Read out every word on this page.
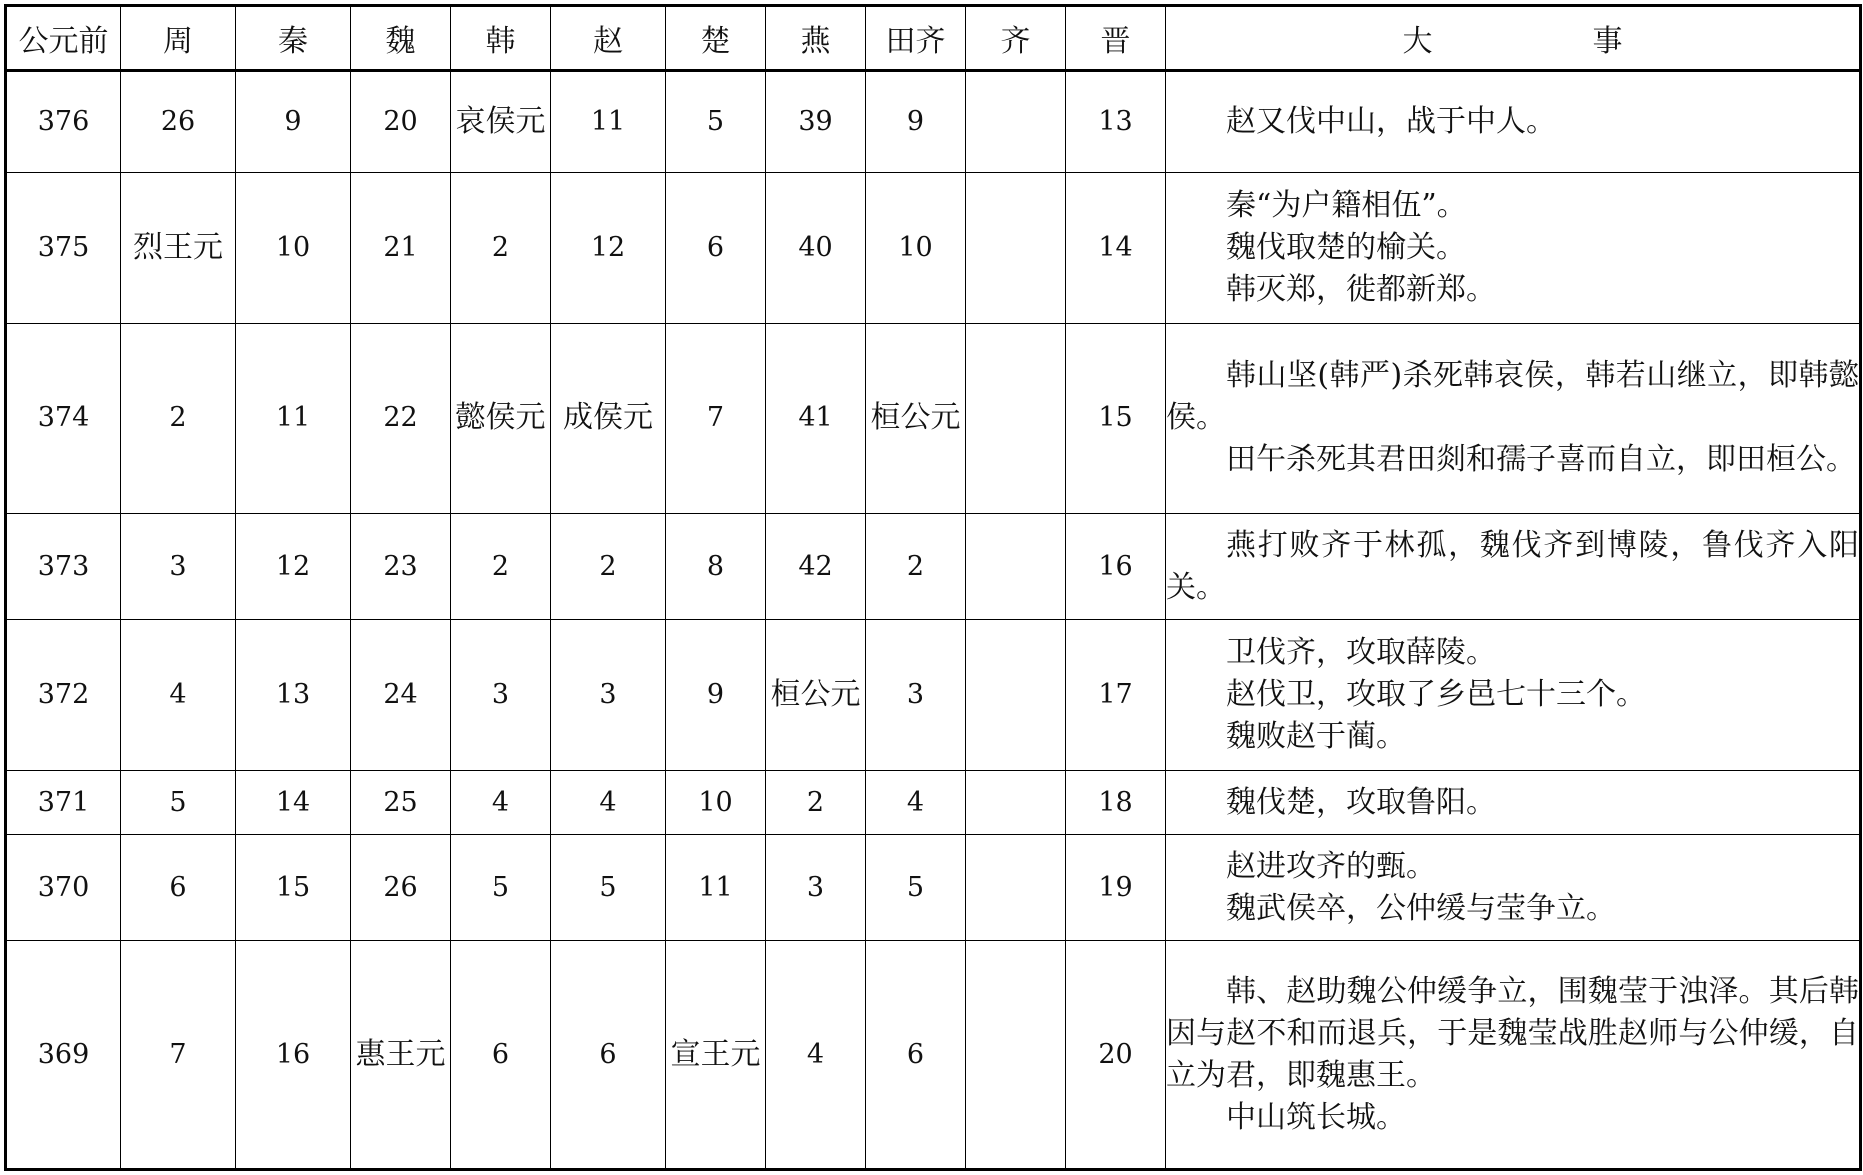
公元前	周	秦	魏	韩	赵	楚	燕	田齐	齐	晋	大 事
376	26	9	20	哀侯元	11	5	39	9		13	赵又伐中山，战于中人。

375	烈王元	10	21	2	12	6	40	10		14	秦“为户籍相伍”。

魏伐取楚的榆关。

韩灭郑，徙都新郑。

374	2	11	22	懿侯元	成侯元	7	41	桓公元		15	韩山坚(韩严)杀死韩哀侯，韩若山继立，即韩懿侯。

田午杀死其君田剡和孺子喜而自立，即田桓公。

373	3	12	23	2	2	8	42	2		16	燕打败齐于林孤，魏伐齐到博陵，鲁伐齐入阳关。

372	4	13	24	3	3	9	桓公元	3		17	卫伐齐，攻取薛陵。

赵伐卫，攻取了乡邑七十三个。

魏败赵于蔺。

371	5	14	25	4	4	10	2	4		18	魏伐楚，攻取鲁阳。

370	6	15	26	5	5	11	3	5		19	赵进攻齐的甄。

魏武侯卒，公仲缓与莹争立。

369	7	16	惠王元	6	6	宣王元	4	6		20	韩、赵助魏公仲缓争立，围魏莹于浊泽。其后韩因与赵不和而退兵，于是魏莹战胜赵师与公仲缓，自立为君，即魏惠王。

中山筑长城。
